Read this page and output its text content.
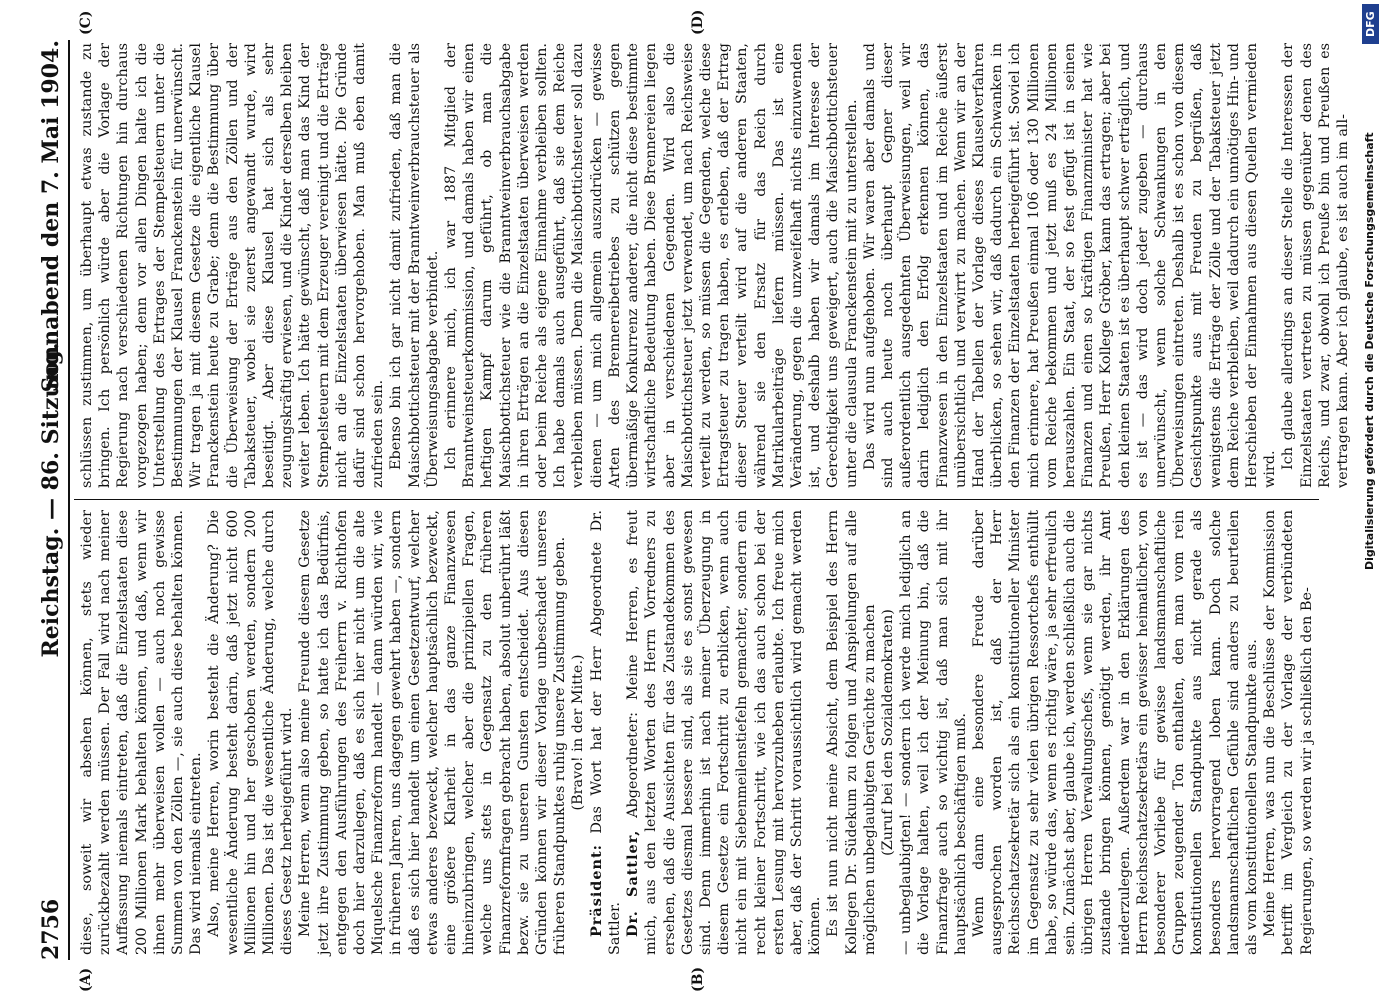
2756
Reichstag. — 86. Sitzung.
Sonnabend den 7. Mai 1904.
(A)	(B)
(C)	(D)

diese, soweit wir absehen können, stets wieder zurückbezahlt werden müssen. Der Fall wird nach meiner Auffassung niemals eintreten, daß die Einzelstaaten diese 200 Millionen Mark behalten können, und daß, wenn wir ihnen mehr überweisen wollen — auch noch gewisse Summen von den Zöllen —, sie auch diese behalten können. Das wird niemals eintreten. Also, meine Herren, worin besteht die Änderung? Die wesentliche Änderung besteht darin, daß jetzt nicht 600 Millionen hin und her geschoben werden, sondern 200 Millionen. Das ist die wesentliche Änderung, welche durch dieses Gesetz herbeigeführt wird. Meine Herren, wenn also meine Freunde diesem Gesetze jetzt ihre Zustimmung geben, so hatte ich das Bedürfnis, entgegen den Ausführungen des Freiherrn v. Richthofen doch hier darzulegen, daß es sich hier nicht um die alte Miquelsche Finanzreform handelt — dann würden wir, wie in früheren Jahren, uns dagegen gewehrt haben —, sondern daß es sich hier handelt um einen Gesetzentwurf, welcher etwas anderes bezweckt, welcher hauptsächlich bezweckt, eine größere Klarheit in das ganze Finanzwesen hineinzubringen, welcher aber die prinzipiellen Fragen, welche uns stets in Gegensatz zu den früheren Finanzreformfragen gebracht haben, absolut unberührt läßt bezw. sie zu unseren Gunsten entscheidet. Aus diesen Gründen können wir dieser Vorlage unbeschadet unseres früheren Standpunktes ruhig unsere Zustimmung geben. (Bravo! in der Mitte.)

Präsident: Das Wort hat der Herr Abgeordnete Dr. Sattler. Dr. Sattler, Abgeordneter: Meine Herren, es freut mich, aus den letzten Worten des Herrn Vorredners zu ersehen, daß die Aussichten für das Zustandekommen des Gesetzes diesmal bessere sind, als sie es sonst gewesen sind. Denn immerhin ist nach meiner Überzeugung in diesem Gesetze ein Fortschritt zu erblicken, wenn auch nicht ein mit Siebenmeilenstiefeln gemachter, sondern ein recht kleiner Fortschritt, wie ich das auch schon bei der ersten Lesung mit hervorzuheben erlaubte. Ich freue mich aber, daß der Schritt voraussichtlich wird gemacht werden können. Es ist nun nicht meine Absicht, dem Beispiel des Herrn Kollegen Dr. Südekum zu folgen und Anspielungen auf alle möglichen unbeglaubigten Gerüchte zu machen (Zuruf bei den Sozialdemokraten) — unbeglaubigten! — sondern ich werde mich lediglich an die Vorlage halten, weil ich der Meinung bin, daß die Finanzfrage auch so wichtig ist, daß man sich mit ihr hauptsächlich beschäftigen muß. Wenn dann eine besondere Freude darüber ausgesprochen worden ist, daß der Herr Reichsschatzsekretär sich als ein konstitutioneller Minister im Gegensatz zu sehr vielen übrigen Ressortchefs enthüllt habe, so würde das, wenn es richtig wäre, ja sehr erfreulich sein. Zunächst aber, glaube ich, werden schließlich auch die übrigen Herren Verwaltungschefs, wenn sie gar nichts zustande bringen können, genötigt werden, ihr Amt niederzulegen. Außerdem war in den Erklärungen des Herrn Reichsschatzsekretärs ein gewisser heimatlicher, von besonderer Vorliebe für gewisse landsmannschaftliche Gruppen zeugender Ton enthalten, den man vom rein konstitutionellen Standpunkte aus nicht gerade als besonders hervorragend loben kann. Doch solche landsmannschaftlichen Gefühle sind anders zu beurteilen als vom konstitutionellen Standpunkte aus. Meine Herren, was nun die Beschlüsse der Kommission betrifft im Vergleich zu der Vorlage der verbündeten Regierungen, so werden wir ja schließlich den Be-

schlüssen zustimmen, um überhaupt etwas zustande zu bringen. Ich persönlich würde aber die Vorlage der Regierung nach verschiedenen Richtungen hin durchaus vorgezogen haben; denn vor allen Dingen halte ich die Unterstellung des Ertrages der Stempelsteuern unter die Bestimmungen der Klausel Franckenstein für unerwünscht. Wir tragen ja mit diesem Gesetze die eigentliche Klausel Franckenstein heute zu Grabe; denn die Bestimmung über die Überweisung der Erträge aus den Zöllen und der Tabaksteuer, wobei sie zuerst angewandt wurde, wird beseitigt. Aber diese Klausel hat sich als sehr zeugungskräftig erwiesen, und die Kinder derselben bleiben weiter leben. Ich hätte gewünscht, daß man das Kind der Stempelsteuern mit dem Erzeuger vereinigt und die Erträge nicht an die Einzelstaaten überwiesen hätte. Die Gründe dafür sind schon hervorgehoben. Man muß eben damit zufrieden sein. Ebenso bin ich gar nicht damit zufrieden, daß man die Maischbottichsteuer mit der Branntweinverbrauchsteuer als Überweisungsabgabe verbindet. Ich erinnere mich, ich war 1887 Mitglied der Branntweinsteuerkommission, und damals haben wir einen heftigen Kampf darum geführt, ob man die Maischbottichsteuer wie die Branntweinverbrauchsabgabe in ihren Erträgen an die Einzelstaaten überweisen werden oder beim Reiche als eigene Einnahme verbleiben sollten. Ich habe damals auch ausgeführt, daß sie dem Reiche verbleiben müssen. Denn die Maischbottichsteuer soll dazu dienen — um mich allgemein auszudrücken — gewisse Arten des Brennereibetriebes zu schützen gegen übermäßige Konkurrenz anderer, die nicht diese bestimmte wirtschaftliche Bedeutung haben. Diese Brennereien liegen aber in verschiedenen Gegenden. Wird also die Maischbottichsteuer jetzt verwendet, um nach Reichsweise verteilt zu werden, so müssen die Gegenden, welche diese Ertragsteuer zu tragen haben, es erleben, daß der Ertrag dieser Steuer verteilt wird auf die anderen Staaten, während sie den Ersatz für das Reich durch Matrikularbeiträge liefern müssen. Das ist eine Veränderung, gegen die unzweifelhaft nichts einzuwenden ist, und deshalb haben wir damals im Interesse der Gerechtigkeit uns geweigert, auch die Maischbottichsteuer unter die clausula Franckenstein mit zu unterstellen. Das wird nun aufgehoben. Wir waren aber damals und sind auch heute noch überhaupt Gegner dieser außerordentlich ausgedehnten Überweisungen, weil wir darin lediglich den Erfolg erkennen können, das Finanzwesen in den Einzelstaaten und im Reiche äußerst unübersichtlich und verwirrt zu machen. Wenn wir an der Hand der Tabellen der Vorlage dieses Klauselverfahren überblicken, so sehen wir, daß dadurch ein Schwanken in den Finanzen der Einzelstaaten herbeigeführt ist. Soviel ich mich erinnere, hat Preußen einmal 106 oder 130 Millionen vom Reiche bekommen und jetzt muß es 24 Millionen herauszahlen. Ein Staat, der so fest gefügt ist in seinen Finanzen und einen so kräftigen Finanzminister hat wie Preußen, Herr Kollege Gröber, kann das ertragen; aber bei den kleinen Staaten ist es überhaupt schwer erträglich, und es ist — das wird doch jeder zugeben — durchaus unerwünscht, wenn solche Schwankungen in den Überweisungen eintreten. Deshalb ist es schon von diesem Gesichtspunkte aus mit Freuden zu begrüßen, daß wenigstens die Erträge der Zölle und der Tabaksteuer jetzt dem Reiche verbleiben, weil dadurch ein unnötiges Hin- und Herschieben der Einnahmen aus diesen Quellen vermieden wird. Ich glaube allerdings an dieser Stelle die Interessen der Einzelstaaten vertreten zu müssen gegenüber denen des Reichs, und zwar, obwohl ich Preuße bin und Preußen es vertragen kann. Aber ich glaube, es ist auch im all-

DFG
Digitalisierung gefördert durch die Deutsche Forschungsgemeinschaft
